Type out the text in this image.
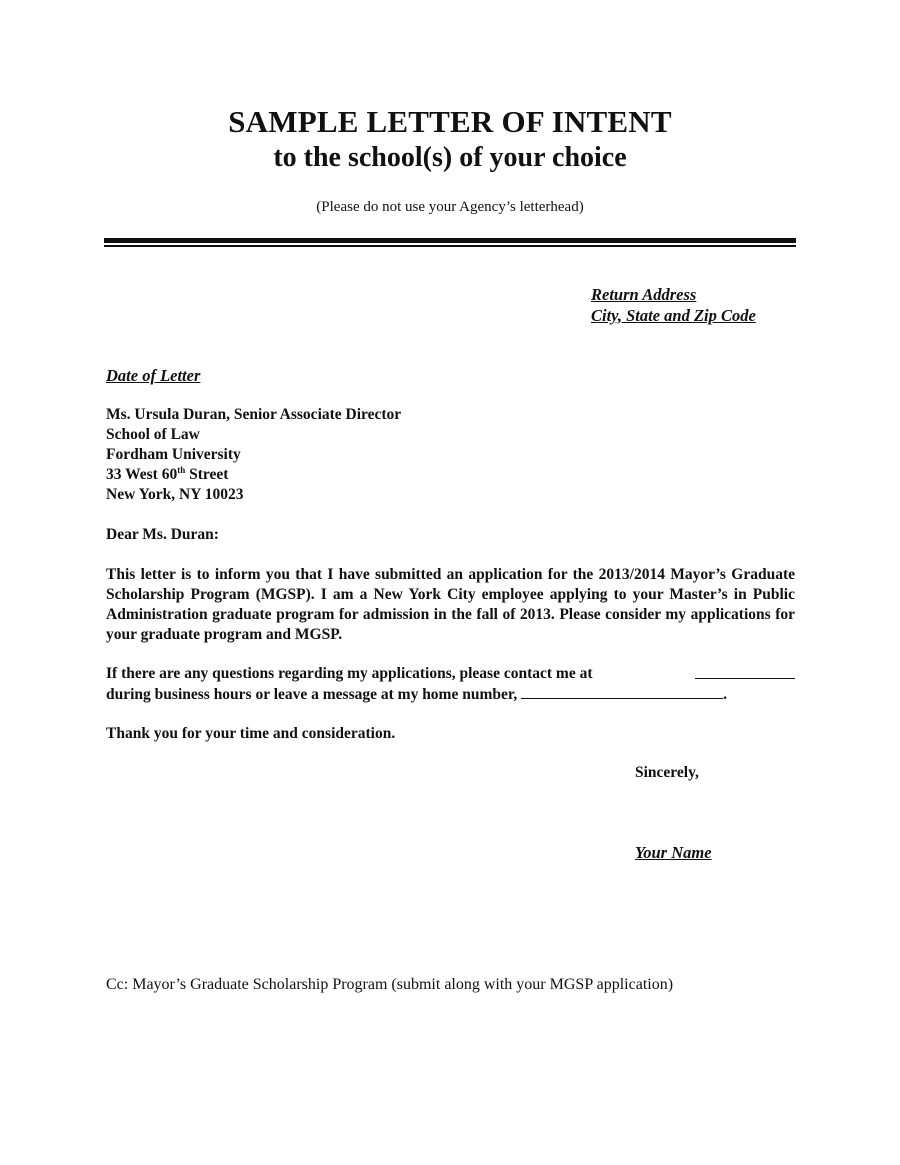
SAMPLE LETTER OF INTENT
to the school(s) of your choice
(Please do not use your Agency’s letterhead)
Return Address
City, State and Zip Code
Date of Letter
Ms. Ursula Duran, Senior Associate Director
School of Law
Fordham University
33 West 60th Street
New York, NY 10023
Dear Ms. Duran:
This letter is to inform you that I have submitted an application for the 2013/2014 Mayor’s Graduate Scholarship Program (MGSP). I am a New York City employee applying to your Master’s in Public Administration graduate program for admission in the fall of 2013. Please consider my applications for your graduate program and MGSP.
If there are any questions regarding my applications, please contact me at
during business hours or leave a message at my home number,	.
Thank you for your time and consideration.
Sincerely,
Your Name
Cc: Mayor’s Graduate Scholarship Program (submit along with your MGSP application)
